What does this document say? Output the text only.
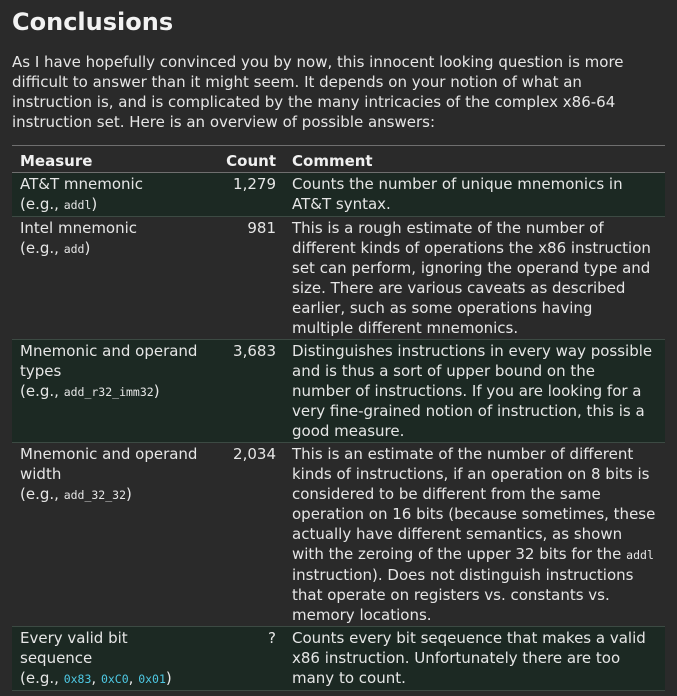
Conclusions

As I have hopefully convinced you by now, this innocent looking question is more difficult to answer than it might seem. It depends on your notion of what an instruction is, and is complicated by the many intricacies of the complex x86-64 instruction set. Here is an overview of possible answers:

Measure	Count	Comment
AT&T mnemonic
(e.g., addl)	1,279	Counts the number of unique mnemonics in AT&T syntax.
Intel mnemonic
(e.g., add)	981	This is a rough estimate of the number of different kinds of operations the x86 instruction set can perform, ignoring the operand type and size. There are various caveats as described earlier, such as some operations having multiple different mnemonics.
Mnemonic and operand types
(e.g., add_r32_imm32)	3,683	Distinguishes instructions in every way possible and is thus a sort of upper bound on the number of instructions. If you are looking for a very fine-grained notion of instruction, this is a good measure.
Mnemonic and operand width
(e.g., add_32_32)	2,034	This is an estimate of the number of different kinds of instructions, if an operation on 8 bits is considered to be different from the same operation on 16 bits (because sometimes, these actually have different semantics, as shown with the zeroing of the upper 32 bits for the addl instruction). Does not distinguish instructions that operate on registers vs. constants vs. memory locations.
Every valid bit sequence
(e.g., 0x83, 0xC0, 0x01)	?	Counts every bit seqeuence that makes a valid x86 instruction. Unfortunately there are too many to count.
